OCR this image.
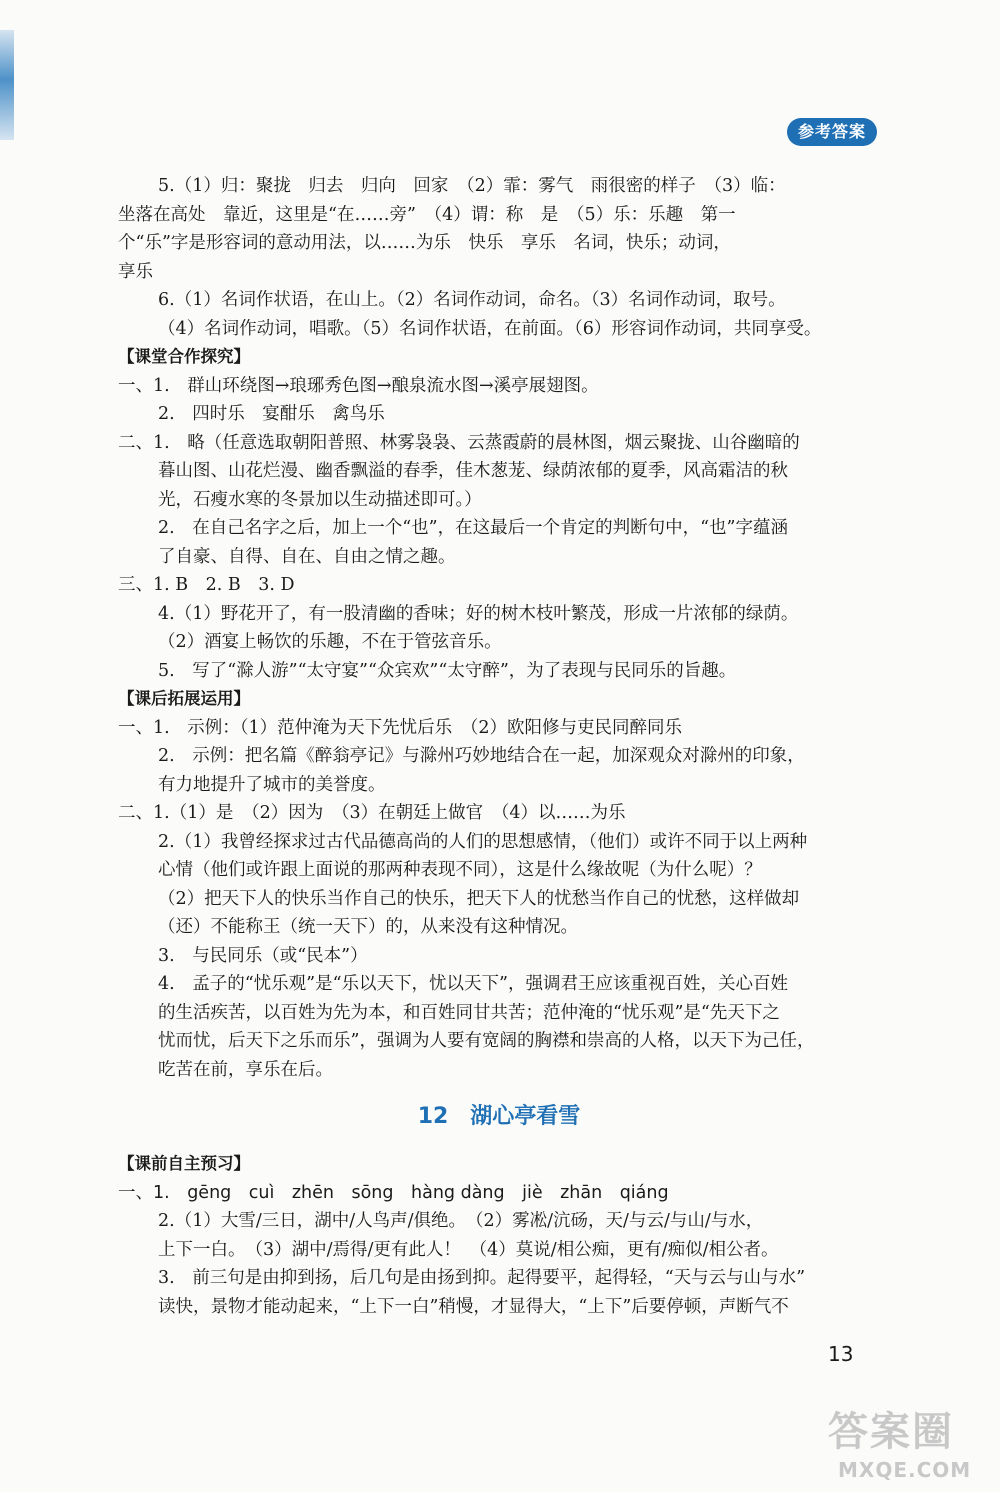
参考答案
5.（1）归：聚拢　归去　归向　回家　（2）霏：雾气　雨很密的样子　（3）临：
坐落在高处　靠近，这里是“在……旁”　（4）谓：称　是　（5）乐：乐趣　第一
个“乐”字是形容词的意动用法，以……为乐　快乐　享乐　名词，快乐；动词，
享乐
6.（1）名词作状语，在山上。（2）名词作动词，命名。（3）名词作动词，取号。
（4）名词作动词，唱歌。（5）名词作状语，在前面。（6）形容词作动词，共同享受。
【课堂合作探究】
一、1.　群山环绕图→琅琊秀色图→酿泉流水图→溪亭展翅图。
2.　四时乐　宴酣乐　禽鸟乐
二、1.　略（任意选取朝阳普照、林雾袅袅、云蒸霞蔚的晨林图，烟云聚拢、山谷幽暗的
暮山图、山花烂漫、幽香飘溢的春季，佳木葱茏、绿荫浓郁的夏季，风高霜洁的秋
光，石瘦水寒的冬景加以生动描述即可。）
2.　在自己名字之后，加上一个“也”，在这最后一个肯定的判断句中，“也”字蕴涵
了自豪、自得、自在、自由之情之趣。
三、1. B　2. B　3. D
4.（1）野花开了，有一股清幽的香味；好的树木枝叶繁茂，形成一片浓郁的绿荫。
（2）酒宴上畅饮的乐趣，不在于管弦音乐。
5.　写了“滁人游”“太守宴”“众宾欢”“太守醉”，为了表现与民同乐的旨趣。
【课后拓展运用】
一、1.　示例：（1）范仲淹为天下先忧后乐　（2）欧阳修与吏民同醉同乐
2.　示例：把名篇《醉翁亭记》与滁州巧妙地结合在一起，加深观众对滁州的印象，
有力地提升了城市的美誉度。
二、1.（1）是　（2）因为　（3）在朝廷上做官　（4）以……为乐
2.（1）我曾经探求过古代品德高尚的人们的思想感情，（他们）或许不同于以上两种
心情（他们或许跟上面说的那两种表现不同），这是什么缘故呢（为什么呢）？
（2）把天下人的快乐当作自己的快乐，把天下人的忧愁当作自己的忧愁，这样做却
（还）不能称王（统一天下）的，从来没有这种情况。
3.　与民同乐（或“民本”）
4.　孟子的“忧乐观”是“乐以天下，忧以天下”，强调君王应该重视百姓，关心百姓
的生活疾苦，以百姓为先为本，和百姓同甘共苦；范仲淹的“忧乐观”是“先天下之
忧而忧，后天下之乐而乐”，强调为人要有宽阔的胸襟和崇高的人格，以天下为己任，
吃苦在前，享乐在后。
12　湖心亭看雪
【课前自主预习】
一、1.　gēng　cuì　zhēn　sōng　hàng dàng　jiè　zhān　qiáng
2.（1）大雪/三日，湖中/人鸟声/俱绝。　（2）雾凇/沆砀，天/与云/与山/与水，
上下一白。　（3）湖中/焉得/更有此人！　（4）莫说/相公痴，更有/痴似/相公者。
3.　前三句是由抑到扬，后几句是由扬到抑。起得要平，起得轻，“天与云与山与水”
读快，景物才能动起来，“上下一白”稍慢，才显得大，“上下”后要停顿，声断气不
13
答案圈
MXQE.COM
